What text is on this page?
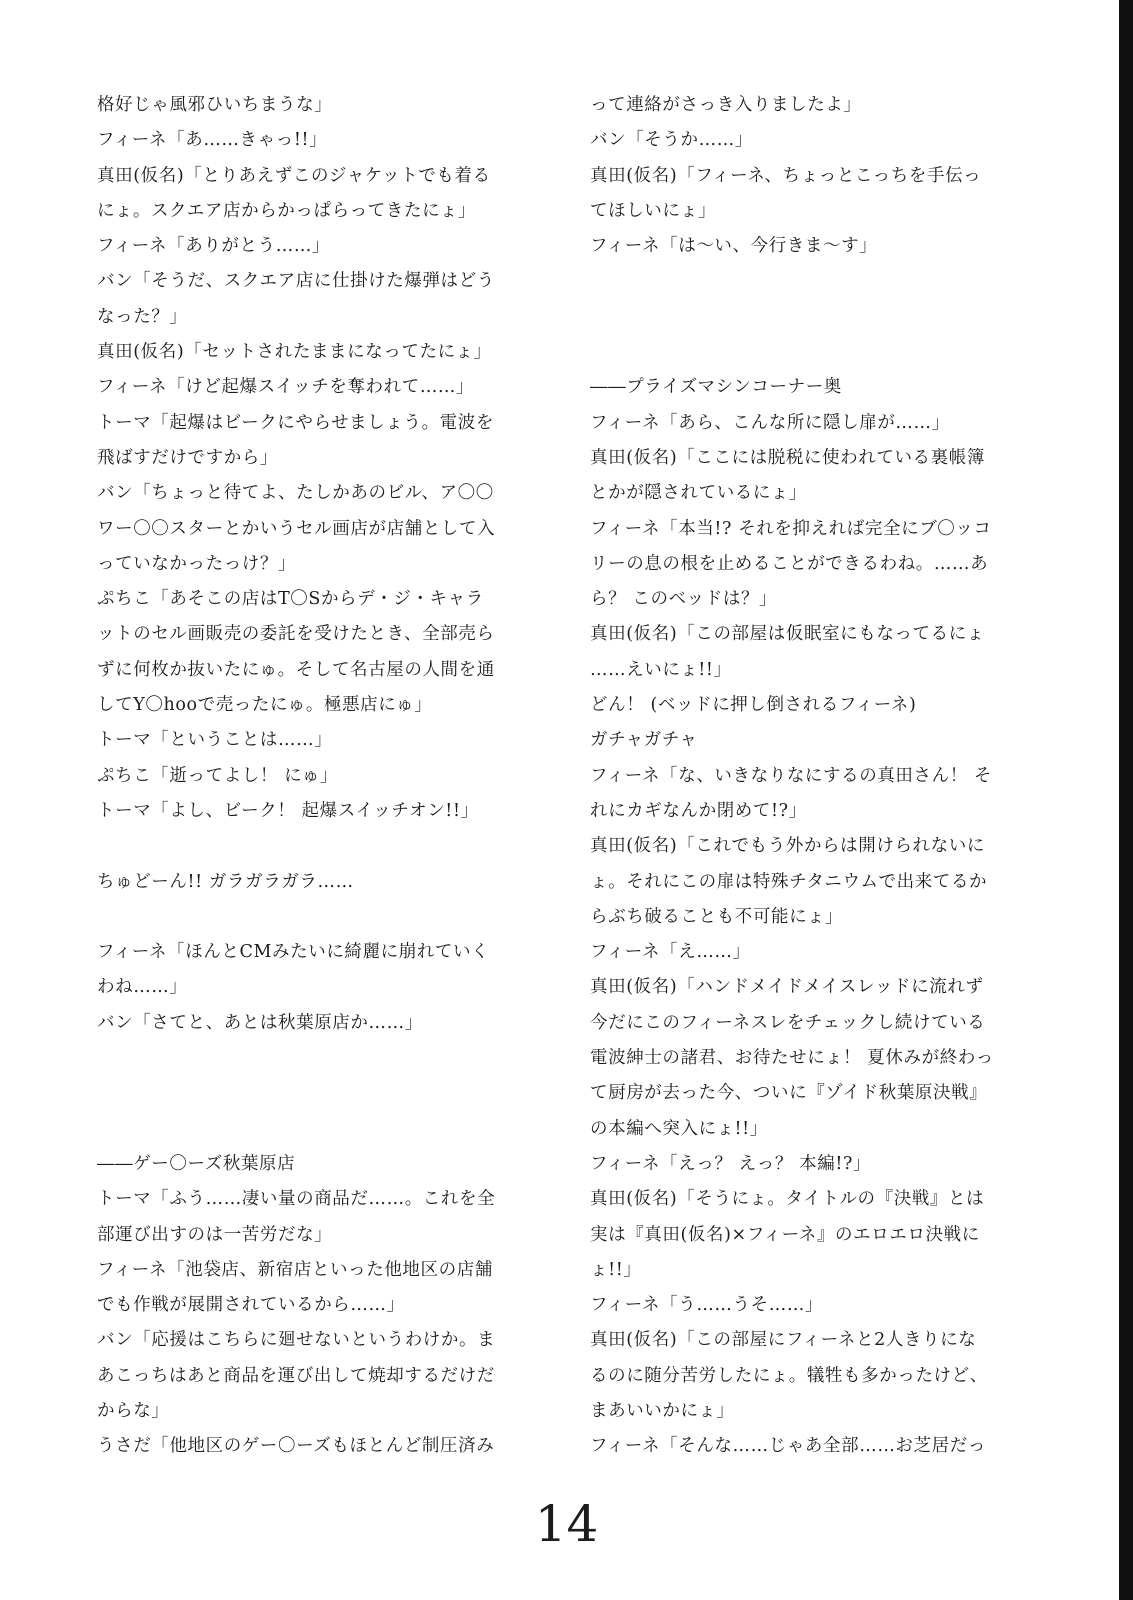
格好じゃ風邪ひいちまうな」
フィーネ「あ……きゃっ!!」
真田(仮名)「とりあえずこのジャケットでも着る
にょ。スクエア店からかっぱらってきたにょ」
フィーネ「ありがとう……」
バン「そうだ、スクエア店に仕掛けた爆弾はどう
なった？」
真田(仮名)「セットされたままになってたにょ」
フィーネ「けど起爆スイッチを奪われて……」
トーマ「起爆はビークにやらせましょう。電波を
飛ばすだけですから」
バン「ちょっと待てよ、たしかあのビル、ア〇〇
ワー〇〇スターとかいうセル画店が店舗として入
っていなかったっけ？」
ぷちこ「あそこの店はT〇Sからデ・ジ・キャラ
ットのセル画販売の委託を受けたとき、全部売ら
ずに何枚か抜いたにゅ。そして名古屋の人間を通
してY〇hooで売ったにゅ。極悪店にゅ」
トーマ「ということは……」
ぷちこ「逝ってよし！ にゅ」
トーマ「よし、ビーク！ 起爆スイッチオン!!」
ちゅどーん!! ガラガラガラ……
フィーネ「ほんとCMみたいに綺麗に崩れていく
わね……」
バン「さてと、あとは秋葉原店か……」
――ゲー〇ーズ秋葉原店
トーマ「ふう……凄い量の商品だ……。これを全
部運び出すのは一苦労だな」
フィーネ「池袋店、新宿店といった他地区の店舗
でも作戦が展開されているから……」
バン「応援はこちらに廻せないというわけか。ま
あこっちはあと商品を運び出して焼却するだけだ
からな」
うさだ「他地区のゲー〇ーズもほとんど制圧済み
って連絡がさっき入りましたよ」
バン「そうか……」
真田(仮名)「フィーネ、ちょっとこっちを手伝っ
てほしいにょ」
フィーネ「は〜い、今行きま〜す」
――プライズマシンコーナー奥
フィーネ「あら、こんな所に隠し扉が……」
真田(仮名)「ここには脱税に使われている裏帳簿
とかが隠されているにょ」
フィーネ「本当!? それを抑えれば完全にブ〇ッコ
リーの息の根を止めることができるわね。……あ
ら？ このベッドは？」
真田(仮名)「この部屋は仮眠室にもなってるにょ
……えいにょ!!」
どん！ (ベッドに押し倒されるフィーネ)
ガチャガチャ
フィーネ「な、いきなりなにするの真田さん！ そ
れにカギなんか閉めて!?」
真田(仮名)「これでもう外からは開けられないに
ょ。それにこの扉は特殊チタニウムで出来てるか
らぶち破ることも不可能にょ」
フィーネ「え……」
真田(仮名)「ハンドメイドメイスレッドに流れず
今だにこのフィーネスレをチェックし続けている
電波紳士の諸君、お待たせにょ！ 夏休みが終わっ
て厨房が去った今、ついに『ゾイド秋葉原決戦』
の本編へ突入にょ!!」
フィーネ「えっ？ えっ？ 本編!?」
真田(仮名)「そうにょ。タイトルの『決戦』とは
実は『真田(仮名)×フィーネ』のエロエロ決戦に
ょ!!」
フィーネ「う……うそ……」
真田(仮名)「この部屋にフィーネと2人きりにな
るのに随分苦労したにょ。犠牲も多かったけど、
まあいいかにょ」
フィーネ「そんな……じゃあ全部……お芝居だっ
14
